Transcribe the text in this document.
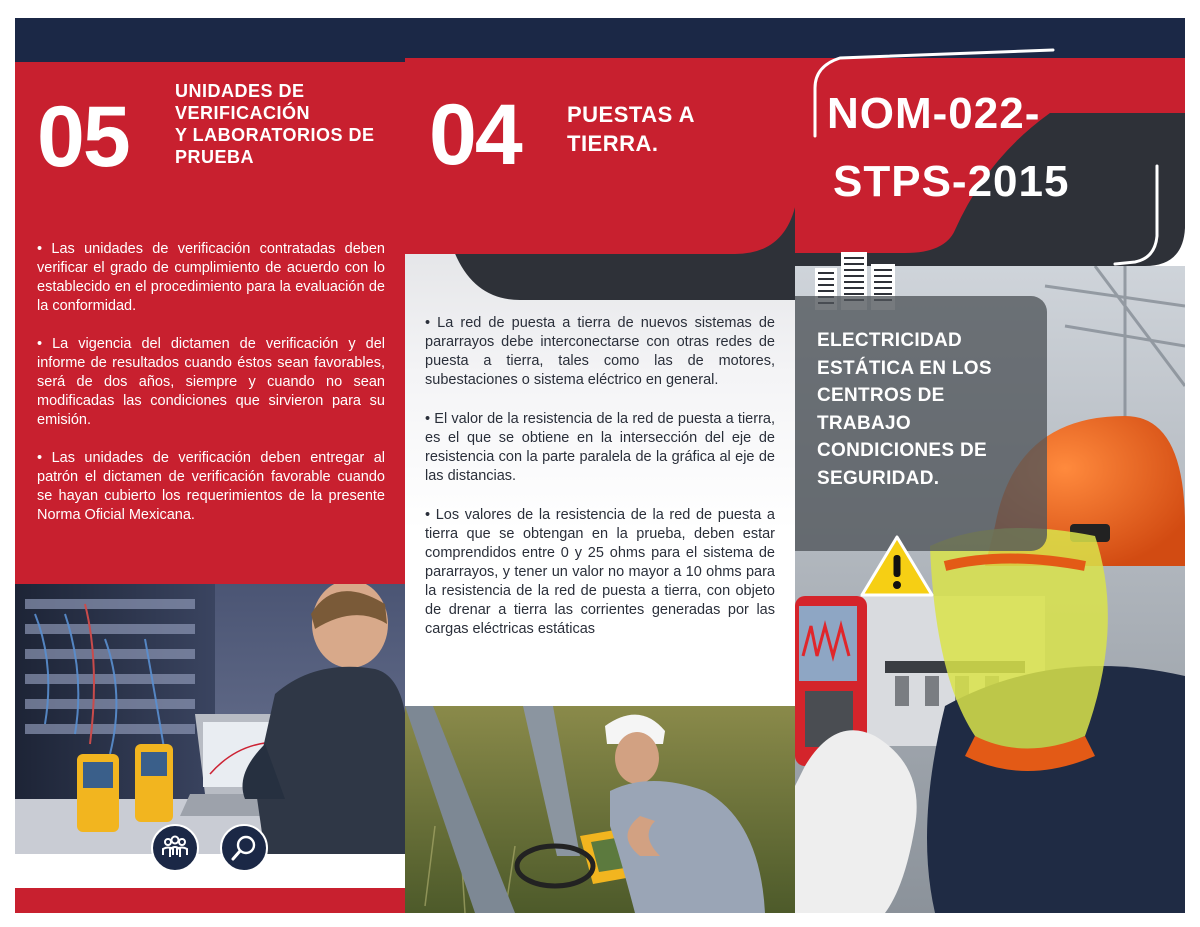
05	UNIDADES DE
VERIFICACIÓN
Y LABORATORIOS DE
PRUEBA

• Las unidades de verificación contratadas deben verificar el grado de cumplimiento de acuerdo con lo establecido en el procedimiento para la evaluación de la conformidad.

• La vigencia del dictamen de verificación y del informe de resultados cuando éstos sean favorables, será de dos años, siempre y cuando no sean modificadas las condiciones que sirvieron para su emisión.

• Las unidades de verificación deben entregar al patrón el dictamen de verificación favorable cuando se hayan cubierto los requerimientos de la presente Norma Oficial Mexicana.

04 PUESTAS A
TIERRA.

• La red de puesta a tierra de nuevos sistemas de pararrayos debe interconectarse con otras redes de puesta a tierra, tales como las de motores, subestaciones o sistema eléctrico en general.

• El valor de la resistencia de la red de puesta a tierra, es el que se obtiene en la intersección del eje de resistencia con la parte paralela de la gráfica al eje de las distancias.

• Los valores de la resistencia de la red de puesta a tierra que se obtengan en la prueba, deben estar comprendidos entre 0 y 25 ohms para el sistema de pararrayos, y tener un valor no mayor a 10 ohms para la resistencia de la red de puesta a tierra, con objeto de drenar a tierra las corrientes generadas por las cargas eléctricas estáticas

NOM-022-
STPS-2015
ELECTRICIDAD
ESTÁTICA EN LOS
CENTROS DE
TRABAJO
CONDICIONES DE
SEGURIDAD.
